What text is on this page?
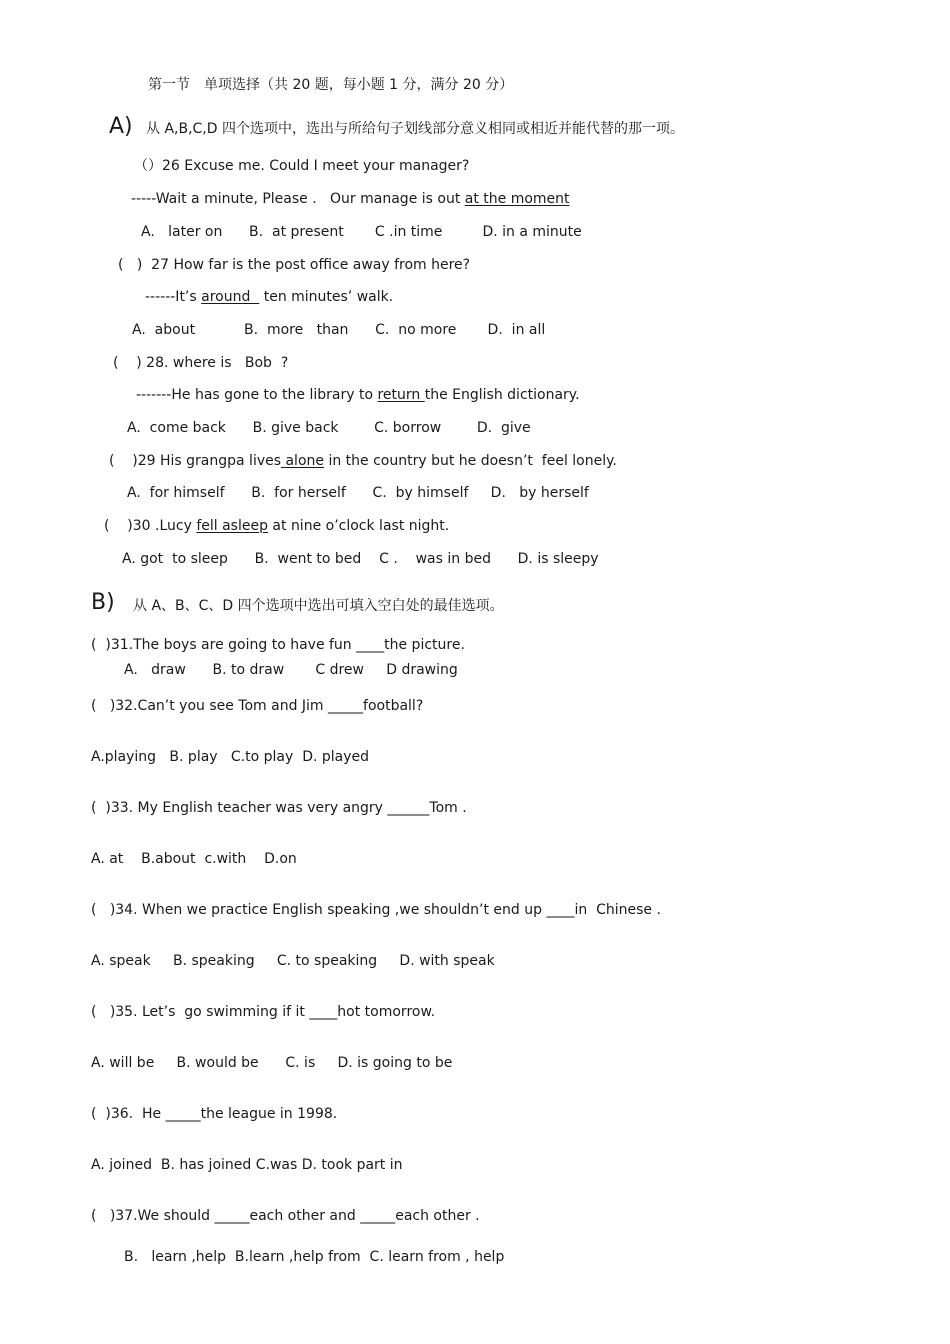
第一节　单项选择（共 20 题，每小题 1 分，满分 20 分）
A) 从 A,B,C,D 四个选项中，选出与所给句子划线部分意义相同或相近并能代替的那一项。
（）26 Excuse me. Could I meet your manager?
-----Wait a minute, Please .   Our manage is out at the moment
A.   later on      B.  at present       C .in time         D. in a minute
(   )  27 How far is the post office away from here?
------It’s around   ten minutes’ walk.
A.  about           B.  more   than      C.  no more       D.  in all
(    ) 28. where is   Bob  ?
-------He has gone to the library to return the English dictionary.
A.  come back      B. give back        C. borrow        D.  give
(    )29 His grangpa lives alone in the country but he doesn’t  feel lonely.
A.  for himself      B.  for herself      C.  by himself     D.   by herself
(    )30 .Lucy fell asleep at nine o’clock last night.
A. got  to sleep      B.  went to bed    C .    was in bed      D. is sleepy
B) 从 A、B、C、D 四个选项中选出可填入空白处的最佳选项。
(  )31.The boys are going to have fun ____the picture.
A.   draw      B. to draw       C drew     D drawing
(   )32.Can’t you see Tom and Jim _____football?
A.playing   B. play   C.to play  D. played
(  )33. My English teacher was very angry ______Tom .
A. at    B.about  c.with    D.on
(   )34. When we practice English speaking ,we shouldn’t end up ____in  Chinese .
A. speak     B. speaking     C. to speaking     D. with speak
(   )35. Let’s  go swimming if it ____hot tomorrow.
A. will be     B. would be      C. is     D. is going to be
(  )36.  He _____the league in 1998.
A. joined  B. has joined C.was D. took part in
(   )37.We should _____each other and _____each other .
B.   learn ,help  B.learn ,help from  C. learn from , help
